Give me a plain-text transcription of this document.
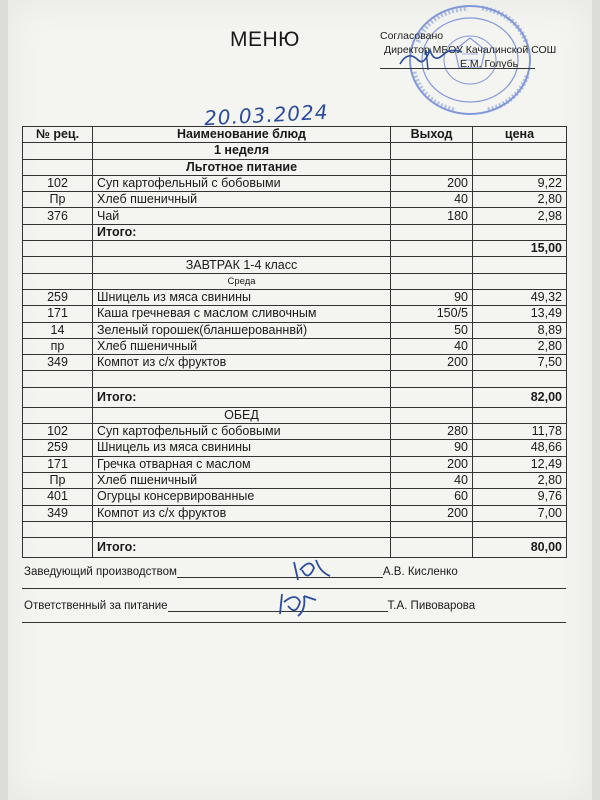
МЕНЮ	Согласовано
Директор МБОУ Качалинской СОШ
Е.М. Голубь
20.03.2024
№ рец.	Наименование блюд	Выход	цена
	1 неделя		
	Льготное питание		
102	Суп картофельный с бобовыми	200	9,22
Пр	Хлеб пшеничный	40	2,80
376	Чай	180	2,98
	Итого:		
			15,00
	ЗАВТРАК 1-4 класс		
	Среда		
259	Шницель из мяса свинины	90	49,32
171	Каша гречневая с маслом сливочным	150/5	13,49
14	Зеленый горошек(бланшерованнвй)	50	8,89
пр	Хлеб пшеничный	40	2,80
349	Компот из с/х фруктов	200	7,50

	Итого:		82,00
	ОБЕД		
102	Суп картофельный с бобовыми	280	11,78
259	Шницель из мяса свинины	90	48,66
171	Гречка отварная с маслом	200	12,49
Пр	Хлеб пшеничный	40	2,80
401	Огурцы консервированные	60	9,76
349	Компот из с/х фруктов	200	7,00

	Итого:		80,00
Заведующий производством	А.В. Кисленко
Ответственный за питание	Т.А. Пивоварова
